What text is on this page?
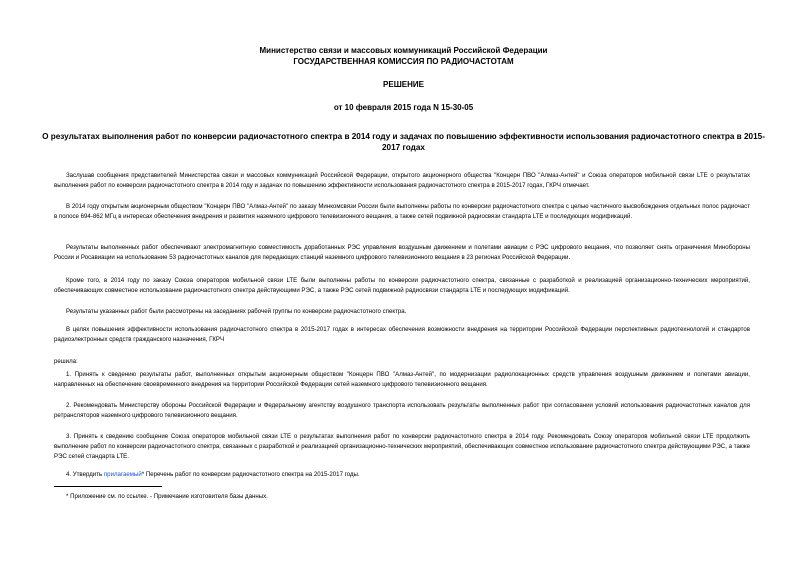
Министерство связи и массовых коммуникаций Российской Федерации
ГОСУДАРСТВЕННАЯ КОМИССИЯ ПО РАДИОЧАСТОТАМ
РЕШЕНИЕ
от 10 февраля 2015 года N 15-30-05
О результатах выполнения работ по конверсии радиочастотного спектра в 2014 году и задачах по повышению эффективности использования радиочастотного спектра в 2015-2017 годах
Заслушав сообщения представителей Министерства связи и массовых коммуникаций Российской Федерации, открытого акционерного общества "Концерн ПВО "Алмаз-Антей" и Союза операторов мобильной связи LTE о результатах выполнения работ по конверсии радиочастотного спектра в 2014 году и задачах по повышению эффективности использования радиочастотного спектра в 2015-2017 годах, ГКРЧ отмечает.
В 2014 году открытым акционерным обществом "Концерн ПВО "Алмаз-Антей" по заказу Минкомсвязи России были выполнены работы по конверсии радиочастотного спектра с целью частичного высвобождения отдельных полос радиочаст в полосе 694-862 МГц в интересах обеспечения внедрения и развития наземного цифрового телевизионного вещания, а также сетей подвижной радиосвязи стандарта LTE и последующих модификаций.
Результаты выполненных работ обеспечивают электромагнитную совместимость доработанных РЭС управления воздушным движением и полетами авиации с РЭС цифрового вещания, что позволяет снять ограничения Минобороны России и Росавиации на использование 53 радиочастотных каналов для передающих станций наземного цифрового телевизионного вещания в 23 регионах Российской Федерации.
Кроме того, в 2014 году по заказу Союза операторов мобильной связи LTE были выполнены работы по конверсии радиочастотного спектра, связанные с разработкой и реализацией организационно-технических мероприятий, обеспечивающих совместное использование радиочастотного спектра действующими РЭС, а также РЭС сетей подвижной радиосвязи стандарта LTE и последующих модификаций.
Результаты указанных работ были рассмотрены на заседаниях рабочей группы по конверсии радиочастотного спектра.
В целях повышения эффективности использования радиочастотного спектра в 2015-2017 годах в интересах обеспечения возможности внедрения на территории Российской Федерации перспективных радиотехнологий и стандартов радиоэлектронных средств гражданского назначения, ГКРЧ
решила:
1. Принять к сведению результаты работ, выполненных открытым акционерным обществом "Концерн ПВО "Алмаз-Антей", по модернизации радиолокационных средств управления воздушным движением и полетами авиации, направленных на обеспечение своевременного внедрения на территории Российской Федерации сетей наземного цифрового телевизионного вещания.
2. Рекомендовать Министерству обороны Российской Федерации и Федеральному агентству воздушного транспорта использовать результаты выполненных работ при согласовании условий использования радиочастотных каналов для ретрансляторов наземного цифрового телевизионного вещания.
3. Принять к сведению сообщение Союза операторов мобильной связи LTE о результатах выполнения работ по конверсии радиочастотного спектра в 2014 году. Рекомендовать Союзу операторов мобильной связи LTE продолжить выполнение работ по конверсии радиочастотного спектра, связанных с разработкой и реализацией организационно-технических мероприятий, обеспечивающих совместное использование радиочастотного спектра действующими РЭС, а также РЭС сетей стандарта LTE.
4. Утвердить прилагаемый* Перечень работ по конверсии радиочастотного спектра на 2015-2017 годы.
* Приложение см. по ссылке. - Примечание изготовителя базы данных.
